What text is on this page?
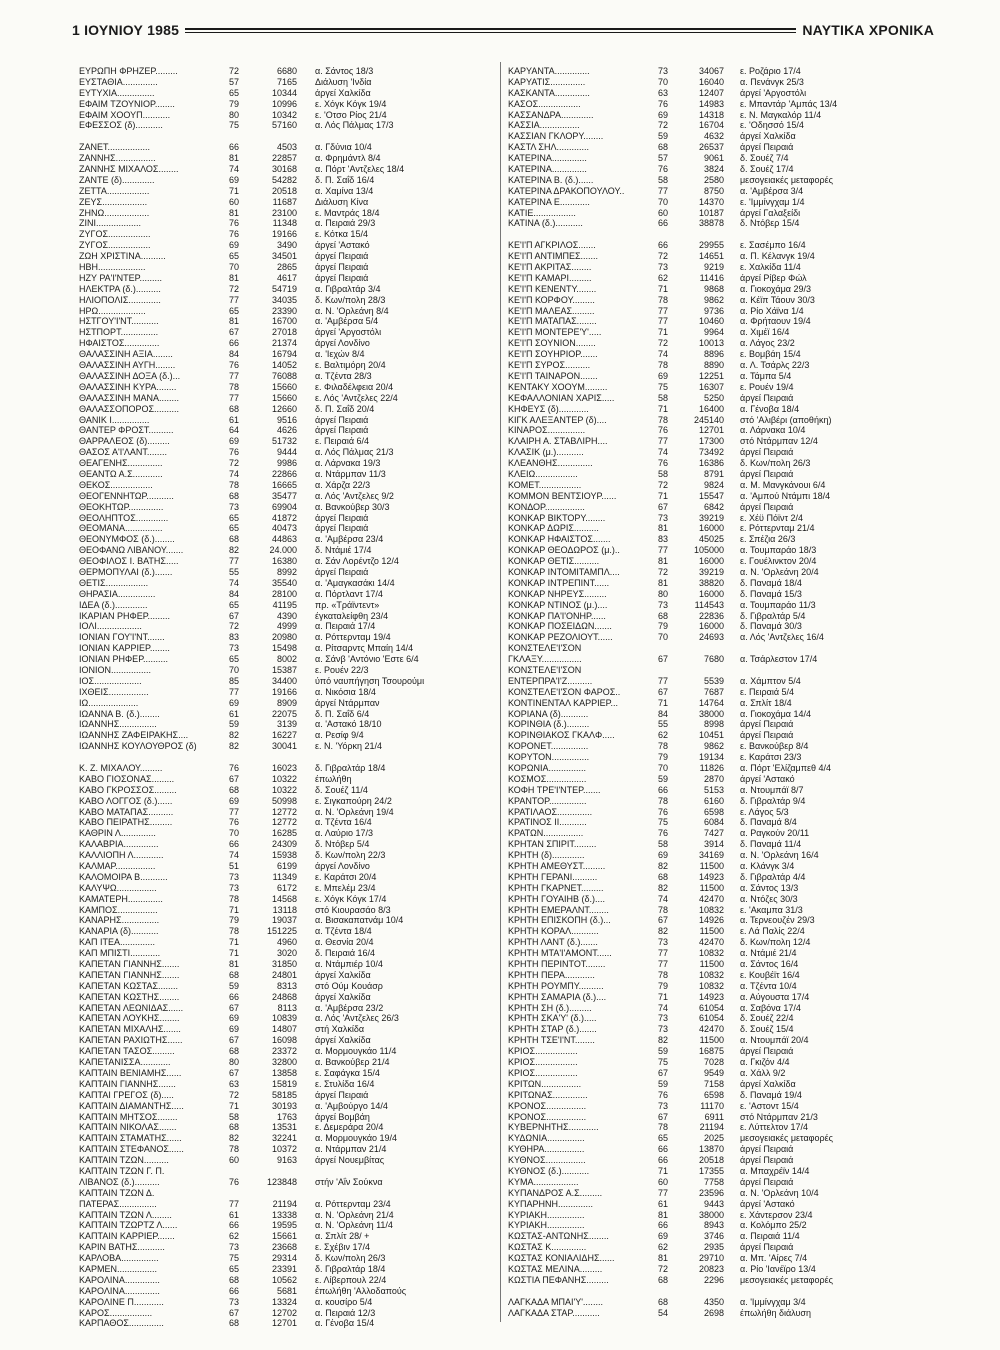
1 ΙΟΥΝΙΟΥ 1985	ΝΑΥΤΙΚΑ ΧΡΟΝΙΚΑ
ΕΥΡΩΠΗ ΦΡΗΖΕΡ.........	72	6680 α. Σάντος 18/3
ΕΥΣΤΑΘΙΑ..............	57	7165 Διάλυση 'Ινδία
ΕΥΤΥΧΙΑ...............	65	10344 άργεί Χαλκίδα
ΕΦΑΙΜ ΤΖΟΥΝΙΟΡ........	79	10996 ε. Χόγκ Κόγκ 19/4
ΕΦΑΙΜ ΧΟΟΥΠ...........	80	10342 ε. 'Οτσο Ρίος 21/4
ΕΦΕΣΣΟΣ (δ)...........	75	57160 α. Λός Πάλμας 17/3
ΖΑΝΕΤ.................	66	4503 α. Γδύνια 10/4
ΖΑΝΝΗΣ................	81	22857 α. Φρημάντλ 8/4
ΖΑΝΝΗΣ ΜΙΧΑΛΟΣ........	74	30168 α. Πόρτ 'Αντζελες 18/4
ΖΑΝΤΕ (δ).............	69	54282 δ. Π. Σαΐδ 16/4
ΖΕΤΤΑ.................	71	20518 α. Χαμίνα 13/4
ΖΕΥΣ..................	60	11687 Διάλυση Κίνα
ΖΗΝΩ..................	81	23100 ε. Μαντράς 18/4
ΖΙΝΙ..................	76	11348 α. Πειραιά 29/3
ΖΥΓΟΣ.................	76	19166 ε. Κότκα 15/4
ΖΥΓΟΣ.................	69	3490 άργεί 'Αστακό
ΖΩΗ ΧΡΙΣΤΙΝΑ..........	65	34501 άργεί Πειραιά
ΗΒΗ...................	70	2865 άργεί Πειραιά
ΗΖΥ ΡΑ'Ι'ΝΤΕΡ.........	81	4617 άργεί Πειραιά
ΗΛΕΚΤΡΑ (δ.)..........	72	54719 α. Γιβραλτάρ 3/4
ΗΛΙΟΠΟΛΙΣ.............	77	34035 δ. Κων/πολη 28/3
ΗΡΩ...................	65	23390 α. Ν. 'Ορλεάνη 8/4
ΗΣΤΓΟΥ'Ι'ΝΤ...........	81	16700 α. 'Αμβέρσα 5/4
ΗΣΤΠΟΡΤ...............	67	27018 άργεί 'Αργοστόλι
ΗΦΑΙΣΤΟΣ..............	66	21374 άργεί Λονδίνο
ΘΑΛΑΣΣΙΝΗ ΑΞΙΑ........	84	16794 α. 'Ιεχών 8/4
ΘΑΛΑΣΣΙΝΗ ΑΥΓΗ........	76	14052 ε. Βαλτιμόρη 20/4
ΘΑΛΑΣΣΙΝΗ ΔΟΞΑ (δ.)...	77	76088 α. Τζέντα 28/3
ΘΑΛΑΣΣΙΝΗ ΚΥΡΑ........	78	15660 ε. Φιλαδέλφεια 20/4
ΘΑΛΑΣΣΙΝΗ ΜΑΝΑ........	77	15660 ε. Λός 'Αντζελες 22/4
ΘΑΛΑΣΣΟΠΟΡΟΣ..........	68	12660 δ. Π. Σαΐδ 20/4
ΘΑΝΙΚ Ι...............	61	9516 άργεί Πειραιά
ΘΑΝΤΕΡ ΦΡΟΣΤ..........	64	4626 άργεί Πειραιά
ΘΑΡΡΑΛΕΟΣ (δ).........	69	51732 ε. Πειραιά 6/4
ΘΑΣΟΣ Α'Ι'ΛΑΝΤ........	76	9444 α. Λός Πάλμας 21/3
ΘΕΑΓΕΝΗΣ..............	72	9986 α. Λάρνακα 19/3
ΘΕΑΝΤΩ Α.Σ............	74	22866 α. Ντάρμπαν 11/3
ΘΕΚΟΣ.................	78	16665 α. Χάρζα 22/3
ΘΕΟΓΕΝΝΗΤΩΡ...........	68	35477 α. Λός 'Αντζελες 9/2
ΘΕΟΚΗΤΩΡ..............	73	69904 α. Βανκούβερ 30/3
ΘΕΟΛΗΠΤΟΣ.............	65	41872 άργεί Πειραιά
ΘΕΟΜΑΝΑ...............	65	40473 άργεί Πειραιά
ΘΕΟΝΥΜΦΟΣ (δ.)........	68	44863 α. 'Αμβέρσα 23/4
ΘΕΟΦΑΝΩ ΛΙΒΑΝΟΥ.......	82	24.000 δ. Ντάμιέ 17/4
ΘΕΟΦΙΛΟΣ Ι. ΒΑΤΗΣ.....	77	16380 α. Σάν Λορέντζο 12/4
ΘΕΡΜΟΠΥΛΑΙ (δ.).......	55	8992 άργεί Πειραιά
ΘΕΤΙΣ.................	74	35540 α. 'Αμαγκασάκι 14/4
ΘΗΡΑΣΙΑ...............	84	28100 α. Πόρτλαντ 17/4
ΙΔΕΑ (δ.).............	65	41195 πρ. «Τράϊντεντ»
ΙΚΑΡΙΑΝ ΡΗΦΕΡ.........	67	4390 έγκαταλείφθη 23/4
ΙΟΛΙ..................	72	4999 α. Πειραιά 17/4
ΙΟΝΙΑΝ ΓΟΥ'Ι'ΝΤ.......	83	20980 α. Ρόττερνταμ 19/4
ΙΟΝΙΑΝ ΚΑΡΡΙΕΡ........	73	15498 α. Ρίτσαρντς Μπαίη 14/4
ΙΟΝΙΑΝ ΡΗΦΕΡ..........	65	8002 α. Σάνβ 'Αντόνιο 'Εστε 6/4
ΙΟΝΙΟΝ................	70	15387 ε. Ρουέν 22/3
ΙΟΣ...................	85	34400 ύπό ναυπήγηση Τσουρούμι
ΙΧΘΕΙΣ................	77	19166 α. Νικόσια 18/4
ΙΩ....................	69	8909 άργεί Ντάρμπαν
ΙΩΑΝΝΑ Β. (δ.)........	61	22075 δ. Π. Σαΐδ 6/4
ΙΩΑΝΝΗΣ...............	59	3139 α. 'Αστακό 18/10
ΙΩΑΝΝΗΣ ΖΑΦΕΙΡΑΚΗΣ....	82	16227 α. Ρεσίφ 9/4
ΙΩΑΝΝΗΣ ΚΟΥΛΟΥΘΡΟΣ (δ)	82	30041 ε. Ν. 'Υόρκη 21/4
Κ. Ζ. ΜΙΧΑΛΟΥ.........	76	16023 δ. Γιβραλτάρ 18/4
ΚΑΒΟ ΓΙΟΣΟΝΑΣ.........	67	10322 έπωλήθη
ΚΑΒΟ ΓΚΡΟΣΣΟΣ.........	68	10322 δ. Σουέζ 11/4
ΚΑΒΟ ΛΟΓΓΟΣ (δ.)......	69	50998 ε. Σιγκαπούρη 24/2
ΚΑΒΟ ΜΑΤΑΠΑΣ..........	77	12772 α. Ν. 'Ορλεάνη 19/4
ΚΑΒΟ ΠΕΙΡΑΤΗΣ.........	76	12772 α. Τζέντα 16/4
ΚΑΘΡΙΝ Λ..............	70	16285 α. Λαύριο 17/3
ΚΑΛΑΒΡΙΑ..............	66	24309 δ. Ντόβερ 5/4
ΚΑΛΛΙΟΠΗ Λ............	74	15938 δ. Κων/πολη 22/3
ΚΑΛΜΑΡ................	51	6199 άργεί Λονδίνο
ΚΑΛΟΜΟΙΡΑ Β...........	73	11349 ε. Καράτσι 20/4
ΚΑΛΥΨΩ................	73	6172 ε. Μπελέμ 23/4
ΚΑΜΑΤΕΡΗ..............	78	14568 ε. Χόγκ Κόγκ 17/4
ΚΑΜΠΟΣ................	71	13118 στό Κιουρασάο 8/3
ΚΑΝΑΡΗΣ...............	79	19037 α. Βισακαπατνάμ 10/4
ΚΑΝΑΡΙΑ (δ)...........	78	151225 α. Τζέντα 18/4
ΚΑΠ ΙΤΕΑ..............	71	4960 α. Θεσνία 20/4
ΚΑΠ ΜΠΙΣΤΙ............	71	3020 δ. Πειραιά 16/4
ΚΑΠΕΤΑΝ ΓΙΑΝΝΗΣ.......	81	31850 α. Ντάμπιέρ 10/4
ΚΑΠΕΤΑΝ ΓΙΑΝΝΗΣ.......	68	24801 άργεί Χαλκίδα
ΚΑΠΕΤΑΝ ΚΩΣΤΑΣ........	59	8313 στό Ούμ Κουάσρ
ΚΑΠΕΤΑΝ ΚΩΣΤΗΣ........	66	24868 άργεί Χαλκίδα
ΚΑΠΕΤΑΝ ΛΕΩΝΙΔΑΣ......	67	8113 α. 'Αμβέρσα 23/2
ΚΑΠΕΤΑΝ ΛΟΥΚΗΣ........	69	10839 α. Λός 'Αντζελες 26/3
ΚΑΠΕΤΑΝ ΜΙΧΑΛΗΣ.......	69	14807 στή Χαλκίδα
ΚΑΠΕΤΑΝ ΡΑΧΙΩΤΗΣ......	67	16098 άργεί Χαλκίδα
ΚΑΠΕΤΑΝ ΤΑΣΟΣ.........	68	23372 α. Μορμουγκάο 11/4
ΚΑΠΕΤΑΝΙΣΣΑ............	80	32800 α. Βανκούβερ 21/4
ΚΑΠΤΑΙΝ ΒΕΝΙΑΜΗΣ......	67	13858 ε. Σαφάγκα 15/4
ΚΑΠΤΑΙΝ ΓΙΑΝΝΗΣ.......	63	15819 ε. Στυλίδα 16/4
ΚΑΠΤΑΙ ΓΡΕΓΟΣ (δ).....	72	58185 άργεί Πειραιά
ΚΑΠΤΑΙΝ ΔΙΑΜΑΝΤΗΣ.....	71	30193 α. 'Αμβούργο 14/4
ΚΑΠΤΑΙΝ ΜΗΤΣΟΣ........	58	1763 άργεί Βομβάη
ΚΑΠΤΑΙΝ ΝΙΚΟΛΑΣ.......	68	13531 ε. Δεμεράρα 20/4
ΚΑΠΤΑΙΝ ΣΤΑΜΑΤΗΣ......	82	32241 α. Μορμουγκάο 19/4
ΚΑΠΤΑΙΝ ΣΤΕΦΑΝΟΣ......	78	10372 α. Ντάρμπαν 21/4
ΚΑΠΤΑΙΝ ΤΖΩΝ..........	60	9163 άργεί Νουεμβίτας
ΚΑΠΤΑΙΝ ΤΖΩΝ Γ. Π.
ΛΙΒΑΝΟΣ (δ.)..........	76	123848 στήν 'Αΐν Σούκνα
ΚΑΠΤΑΙΝ ΤΖΩΝ Δ.
ΠΑΤΕΡΑΣ...............	77	21194 α. Ρόττερνταμ 23/4
ΚΑΠΤΑΙΝ ΤΖΩΝ Λ........	61	13338 α. Ν. 'Ορλεάνη 21/4
ΚΑΠΤΑΙΝ ΤΖΩΡΤΖ Λ......	66	19595 α. Ν. 'Ορλεάνη 11/4
ΚΑΠΤΑΙΝ ΚΑΡΡΙΕΡ.......	62	15661 α. Σπλίτ 28/ +
ΚΑΡΙΝ ΒΑΤΗΣ...........	73	23668 ε. Σχέβιν 17/4
ΚΑΡΛΟΒΑ...............	75	29314 δ. Κων/πολη 26/3
ΚΑΡΜΕΝ................	65	23391 δ. Γιβραλτάρ 18/4
ΚΑΡΟΛΙΝΑ..............	68	10562 ε. Λίβερπουλ 22/4
ΚΑΡΟΛΙΝΑ..............	66	5681 έπωλήθη 'Αλλοδαπούς
ΚΑΡΟΛΙΝΕ Π............	73	13324 α. κουσίρο 5/4
ΚΑΡΟΣ.................	67	12702 α. Πειραιά 12/3
ΚΑΡΠΑΘΟΣ..............	68	12701 α. Γένοβα 15/4
ΚΑΡΥΑΝΤΑ..............	73	34067 ε. Ροζάριο 17/4
ΚΑΡΥΑΤΙΣ..............	70	16040 α. Πενάνγκ 25/3
ΚΑΣΚΑΝΤΑ..............	63	12407 άργεί 'Αργοστόλι
ΚΑΣΟΣ.................	76	14983 ε. Μπαντάρ 'Αμπάς 13/4
ΚΑΣΣΑΝΔΡΑ.............	69	14318 ε. Ν. Μαγκαλόρ 11/4
ΚΑΣΣΙΑ................	72	16704 ε. 'Οδησσό 15/4
ΚΑΣΣΙΑΝ ΓΚΛΟΡΥ........	59	4632 άργεί Χαλκίδα
ΚΑΣΤΛ ΣΗΛ.............	68	26537 άργεί Πειραιά
ΚΑΤΕΡΙΝΑ..............	57	9061 δ. Σουέζ 7/4
ΚΑΤΕΡΙΝΑ..............	76	3824 δ. Σουέζ 17/4
ΚΑΤΕΡΙΝΑ Β. (δ.)......	58	2580 μεσογειακές μεταφορές
ΚΑΤΕΡΙΝΑ ΔΡΑΚΟΠΟΥΛΟΥ..	77	8750 α. 'Αμβέρσα 3/4
ΚΑΤΕΡΙΝΑ Ε............	70	14370 ε. 'Ιμμίνγχαμ 1/4
ΚΑΤΙΕ.................	60	10187 άργεί Γαλαξείδι
ΚΑΤΙΝΑ (δ.)...........	66	38878 δ. Ντόβερ 15/4
ΚΕ'Ι'Π ΑΓΚΡΙΛΟΣ.......	66	29955 ε. Σασέμπο 16/4
ΚΕ'Ι'Π ΑΝΤΙΜΠΕΣ.......	72	14651 α. Π. Κέλανγκ 19/4
ΚΕ'Ι'Π ΑΚΡΙΤΑΣ........	73	9219 ε. Χαλκίδα 11/4
ΚΕ'Ι'Π ΚΑΜΑΡΙ.........	62	11416 άργεί Ρίβερ Φώλ
ΚΕ'Ι'Π ΚΕΝΕΝΤΥ........	71	9868 α. Γιοκοχάμα 29/3
ΚΕ'Ι'Π ΚΟΡΦΟΥ.........	78	9862 α. Κέϊπ Τάουν 30/3
ΚΕ'Ι'Π ΜΑΛΕΑΣ.........	77	9736 α. Ρίο Χάϊνα 1/4
ΚΕ'Ι'Π ΜΑΤΑΠΑΣ........	77	10460 α. Φρήταουν 19/4
ΚΕ'Ι'Π ΜΟΝΤΕΡΕ'Υ'.....	71	9964 α. Χιμέϊ 16/4
ΚΕ'Ι'Π ΣΟΥΝΙΟΝ........	72	10013 α. Λάγος 23/2
ΚΕ'Ι'Π ΣΟΥΗΡΙΟΡ.......	74	8896 ε. Βομβάη 15/4
ΚΕ'Ι'Π ΣΥΡΟΣ..........	78	8890 α. Λ. Τσάρλς 22/3
ΚΕ'Ι'Π ΤΑΙΝΑΡΟΝ.......	69	12251 α. Τάμπα 5/4
ΚΕΝΤΑΚΥ ΧΟΟΥΜ.........	75	16307 ε. Ρουέν 19/4
ΚΕΦΑΛΛΟΝΙΑΝ ΧΑΡΙΣ.....	58	5250 άργεί Πειραιά
ΚΗΦΕΥΣ (δ)............	71	16400 α. Γένοβα 18/4
ΚΙΓΚ ΑΛΕΞΑΝΤΕΡ (δ)....	78	245140 στό 'Αλιβέρι (αποθήκη)
ΚΙΝΑΡΟΣ...............	76	12701 α. Λάρνακα 10/4
ΚΛΑΙΡΗ Α. ΣΤΑΒΛΙΡΗ....	77	17300 στό Ντάρμπαν 12/4
ΚΛΑΣΙΚ (μ.)...........	74	73492 άργεί Πειραιά
ΚΛΕΑΝΘΗΣ..............	76	16386 δ. Κων/πολη 26/3
ΚΛΕΙΩ.................	58	8791 άργεί Πειραιά
ΚΟΜΕΤ.................	72	9824 α. Μ. Μανγκάνουι 6/4
ΚΟΜΜΟΝ ΒΕΝΤΣΙΟΥΡ......	71	15547 α. 'Αμπού Ντάμπι 18/4
ΚΟΝΔΟΡ................	67	6842 άργεί Πειραιά
ΚΟΝΚΑΡ ΒΙΚΤΟΡΥ........	73	39219 ε. Χέϋ Πόϊντ 2/4
ΚΟΝΚΑΡ ΔΩΡΙΣ..........	81	16000 ε. Ρόττερνταμ 21/4
ΚΟΝΚΑΡ ΗΦΑΙΣΤΟΣ.......	83	45025 ε. Σπέζια 26/3
ΚΟΝΚΑΡ ΘΕΟΔΩΡΟΣ (μ.)..	77	105000 α. Τουμπαράο 18/3
ΚΟΝΚΑΡ ΘΕΤΙΣ..........	81	16000 ε. Γουέλινκτον 20/4
ΚΟΝΚΑΡ ΙΝΤΟΜΙΤΑΜΠΛ....	72	39219 α. Ν. 'Ορλεάνη 20/4
ΚΟΝΚΑΡ ΙΝΤΡΕΠΙΝΤ......	81	38820 δ. Παναμά 18/4
ΚΟΝΚΑΡ ΝΗΡΕΥΣ.........	80	16000 δ. Παναμά 15/3
ΚΟΝΚΑΡ ΝΤΙΝΟΣ (μ.)....	73	114543 α. Τουμπαράο 11/3
ΚΟΝΚΑΡ ΠΑ'Ι'ΟΝΗΡ......	68	22836 δ. Γιβραλτάρ 5/4
ΚΟΝΚΑΡ ΠΟΣΕΙΔΩΝ.......	79	16000 δ. Παναμά 30/3
ΚΟΝΚΑΡ ΡΕΖΟΛΙΟΥΤ......	70	24693 α. Λός 'Αντζελες 16/4
ΚΟΝΣΤΕΛΕ'Ι'ΣΟΝ
ΓΚΛΑΞΥ................	67	7680 α. Τσάρλεστον 17/4
ΚΟΝΣΤΕΛΕ'Ι'ΣΟΝ
ΕΝΤΕΡΠΡΑ'Ι'Ζ..........	77	5539 α. Χάμπτον 5/4
ΚΟΝΣΤΕΛΕ'Ι'ΣΟΝ ΦΑΡΟΣ..	67	7687 ε. Πειραιά 5/4
ΚΟΝΤΙΝΕΝΤΑΛ ΚΑΡΡΙΕΡ...	71	14764 α. Σπλίτ 18/4
ΚΟΡΙΑΝΑ (δ)...........	84	38000 α. Γιοκοχάμα 14/4
ΚΟΡΙΝΘΙΑ (δ.).........	55	8998 άργεί Πειραιά
ΚΟΡΙΝΘΙΑΚΟΣ ΓΚΑΛΦ.....	62	10451 άργεί Πειραιά
ΚΟΡΟΝΕΤ...............	78	9862 ε. Βανκούβερ 8/4
ΚΟΡΥΤΟΝ...............	79	19134 ε. Καράτσι 23/3
ΚΟΡΩΝΙΑ...............	70	11826 α. Πόρτ 'Ελίζαμπεθ 4/4
ΚΟΣΜΟΣ................	59	2870 άργεί 'Αστακό
ΚΟΦΗ ΤΡΕ'Ι'ΝΤΕΡ.......	66	5153 α. Ντουμπάϊ 8/7
ΚΡΑΝΤΟΡ...............	78	6160 δ. Γιβραλτάρ 9/4
ΚΡΑΤΙΛΑΟΣ..............	76	6598 ε. Λάγος 5/3
ΚΡΑΤΙΝΟΣ ΙΙ...........	75	6084 δ. Παναμά 8/4
ΚΡΑΤΩΝ................	76	7427 α. Ραγκούν 20/11
ΚΡΗΤΑΝ ΣΠΙΡΙΤ.........	58	3914 δ. Παναμά 11/4
ΚΡΗΤΗ (δ).............	69	34169 α. Ν. 'Ορλεάνη 16/4
ΚΡΗΤΗ ΑΜΕΘΥΣΤ.........	82	11500 α. Κλάνγκ 3/4
ΚΡΗΤΗ ΓΕΡΑΝΙ..........	68	14923 δ. Γιβραλτάρ 4/4
ΚΡΗΤΗ ΓΚΑΡΝΕΤ.........	82	11500 α. Σάντος 13/3
ΚΡΗΤΗ ΓΟΥΑΙΗΒ (δ.)....	74	42470 α. Ντόζες 30/3
ΚΡΗΤΗ ΕΜΕΡΑΛΝΤ........	78	10832 ε. 'Ακαμπα 31/3
ΚΡΗΤΗ ΕΠΙΣΚΟΠΗ (δ.)...	67	14926 α. Τερνεουζέν 29/3
ΚΡΗΤΗ ΚΟΡΑΛ...........	82	11500 ε. Λά Παλίς 22/4
ΚΡΗΤΗ ΛΑΝΤ (δ.).......	73	42470 δ. Κων/πολη 12/4
ΚΡΗΤΗ ΜΤΑ'Ι'ΑΜΟΝΤ......	77	10832 α. Ντάμιέ 21/4
ΚΡΗΤΗ ΠΕΡΙΝΤΟΤ........	77	11500 α. Σάντος 16/4
ΚΡΗΤΗ ΠΕΡΑ............	78	10832 ε. Κουβέϊτ 16/4
ΚΡΗΤΗ ΡΟΥΜΠΥ..........	79	10832 α. Τζέντα 10/4
ΚΡΗΤΗ ΣΑΜΑΡΙΑ (δ.)....	71	14923 α. Αύγουστα 17/4
ΚΡΗΤΗ ΣΗ (δ.).........	74	61054 α. Σαβόνα 17/4
ΚΡΗΤΗ ΣΚΑ'Υ' (δ.).....	73	61054 δ. Σουέζ 22/4
ΚΡΗΤΗ ΣΤΑΡ (δ.).......	73	42470 δ. Σουέζ 15/4
ΚΡΗΤΗ ΤΣΕ'Ι'ΝΤ........	82	11500 α. Ντουμπάϊ 20/4
ΚΡΙΟΣ.................	59	16875 άργεί Πειραιά
ΚΡΙΟΣ.................	75	7028 α. Γκιζόν 4/4
ΚΡΙΟΣ.................	67	9549 α. Χάλλ 9/2
ΚΡΙΤΩΝ................	59	7158 άργεί Χαλκίδα
ΚΡΙΤΩΝΑΣ..............	76	6598 δ. Παναμά 19/4
ΚΡΟΝΟΣ................	73	11170 ε. 'Αστοντ 15/4
ΚΡΟΝΟΣ................	67	6911 στό Ντάρμπαν 21/3
ΚΥΒΕΡΝΗΤΗΣ............	78	21194 ε. Λύττελτον 17/4
ΚΥΔΩΝΙΑ...............	65	2025 μεσογειακές μεταφορές
ΚΥΘΗΡΑ................	66	13870 άργεί Πειραιά
ΚΥΘΝΟΣ................	66	20518 άργεί Πειραιά
ΚΥΘΝΟΣ (δ.)...........	71	17355 α. Μπαχρέϊν 14/4
ΚΥΜΑ..................	60	7758 άργεί Πειραιά
ΚΥΠΑΝΔΡΟΣ Α.Σ.........	77	23596 α. Ν. 'Ορλεάνη 10/4
ΚΥΠΑΡΗΝΗ..............	61	9443 άργεί 'Αστακό
ΚΥΡΙΑΚΗ...............	81	38000 ε. Χάντερσον 23/4
ΚΥΡΙΑΚΗ...............	66	8943 α. Κολόμπο 25/2
ΚΩΣΤΑΣ-ΑΝΤΩΝΗΣ........	69	3746 α. Πειραιά 11/4
ΚΩΣΤΑΣ Κ..............	62	2935 άργεί Πειραιά
ΚΩΣΤΑΣ ΚΟΝΙΑΛΙΔΗΣ......	81	29710 α. Μπ. 'Αίρες 7/4
ΚΩΣΤΑΣ ΜΕΛΙΝΑ.........	72	20823 α. Ρίο 'Ιανέϊρο 13/4
ΚΩΣΤΙΑ ΠΕΦΑΝΗΣ.........	68	2296 μεσογειακές μεταφορές
ΛΑΓΚΑΔΑ ΜΠΑΙ'Υ'........	68	4350 α. 'Ιμμίνγχαμ 3/4
ΛΑΓΚΑΔΑ ΣΤΑΡ...........	54	2698 έπωλήθη διάλυση
